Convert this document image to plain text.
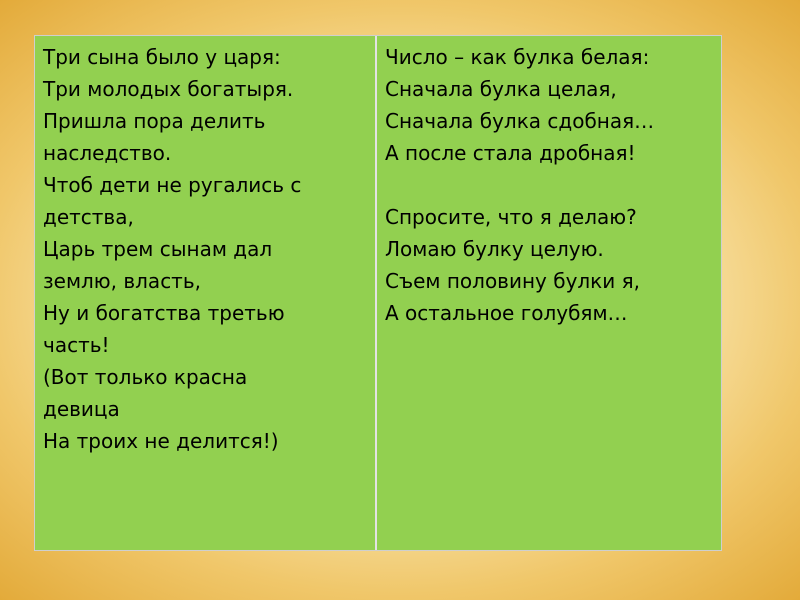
Три сына было у царя:
Три молодых богатыря.
Пришла пора делить
наследство.
Чтоб дети не ругались с
детства,
Царь трем сынам дал
землю, власть,
Ну и богатства третью
часть!
(Вот только красна
девица
На троих не делится!)
Число – как булка белая:
Сначала булка целая,
Сначала булка сдобная…
А после стала дробная!
Спросите, что я делаю?
Ломаю булку целую.
Съем половину булки я,
А остальное голубям…
